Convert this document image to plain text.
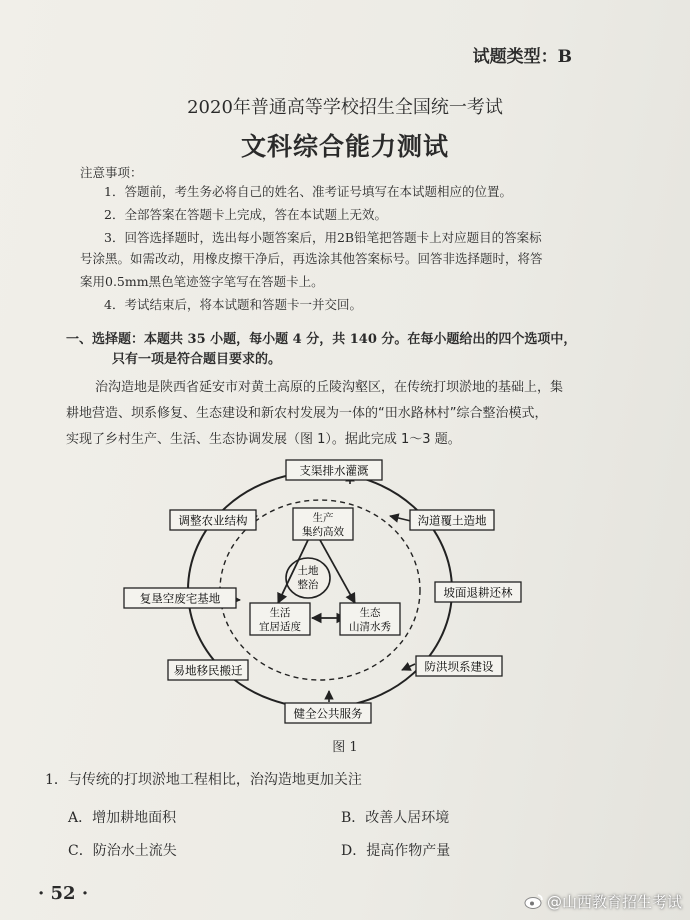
试题类型：B
2020年普通高等学校招生全国统一考试
文科综合能力测试
注意事项：
1．答题前，考生务必将自己的姓名、准考证号填写在本试题相应的位置。
2．全部答案在答题卡上完成，答在本试题上无效。
3．回答选择题时，选出每小题答案后，用2B铅笔把答题卡上对应题目的答案标
号涂黑。如需改动，用橡皮擦干净后，再选涂其他答案标号。回答非选择题时，将答
案用0.5mm黑色笔迹签字笔写在答题卡上。
4．考试结束后，将本试题和答题卡一并交回。
一、选择题：本题共 35 小题，每小题 4 分，共 140 分。在每小题给出的四个选项中，
只有一项是符合题目要求的。
治沟造地是陕西省延安市对黄土高原的丘陵沟壑区，在传统打坝淤地的基础上，集
耕地营造、坝系修复、生态建设和新农村发展为一体的“田水路林村”综合整治模式，
实现了乡村生产、生活、生态协调发展（图 1）。据此完成 1～3 题。
支渠排水灌溉
调整农业结构	沟道覆土造地
复垦空废宅基地	坡面退耕还林
易地移民搬迁	防洪坝系建设
健全公共服务
生产
集约高效
生活
宜居适度
生态
山清水秀
土地
整治
图 1
1．与传统的打坝淤地工程相比，治沟造地更加关注
A．增加耕地面积	B．改善人居环境
C．防治水土流失	D．提高作物产量
· 52 ·	@山西教育招生考试
